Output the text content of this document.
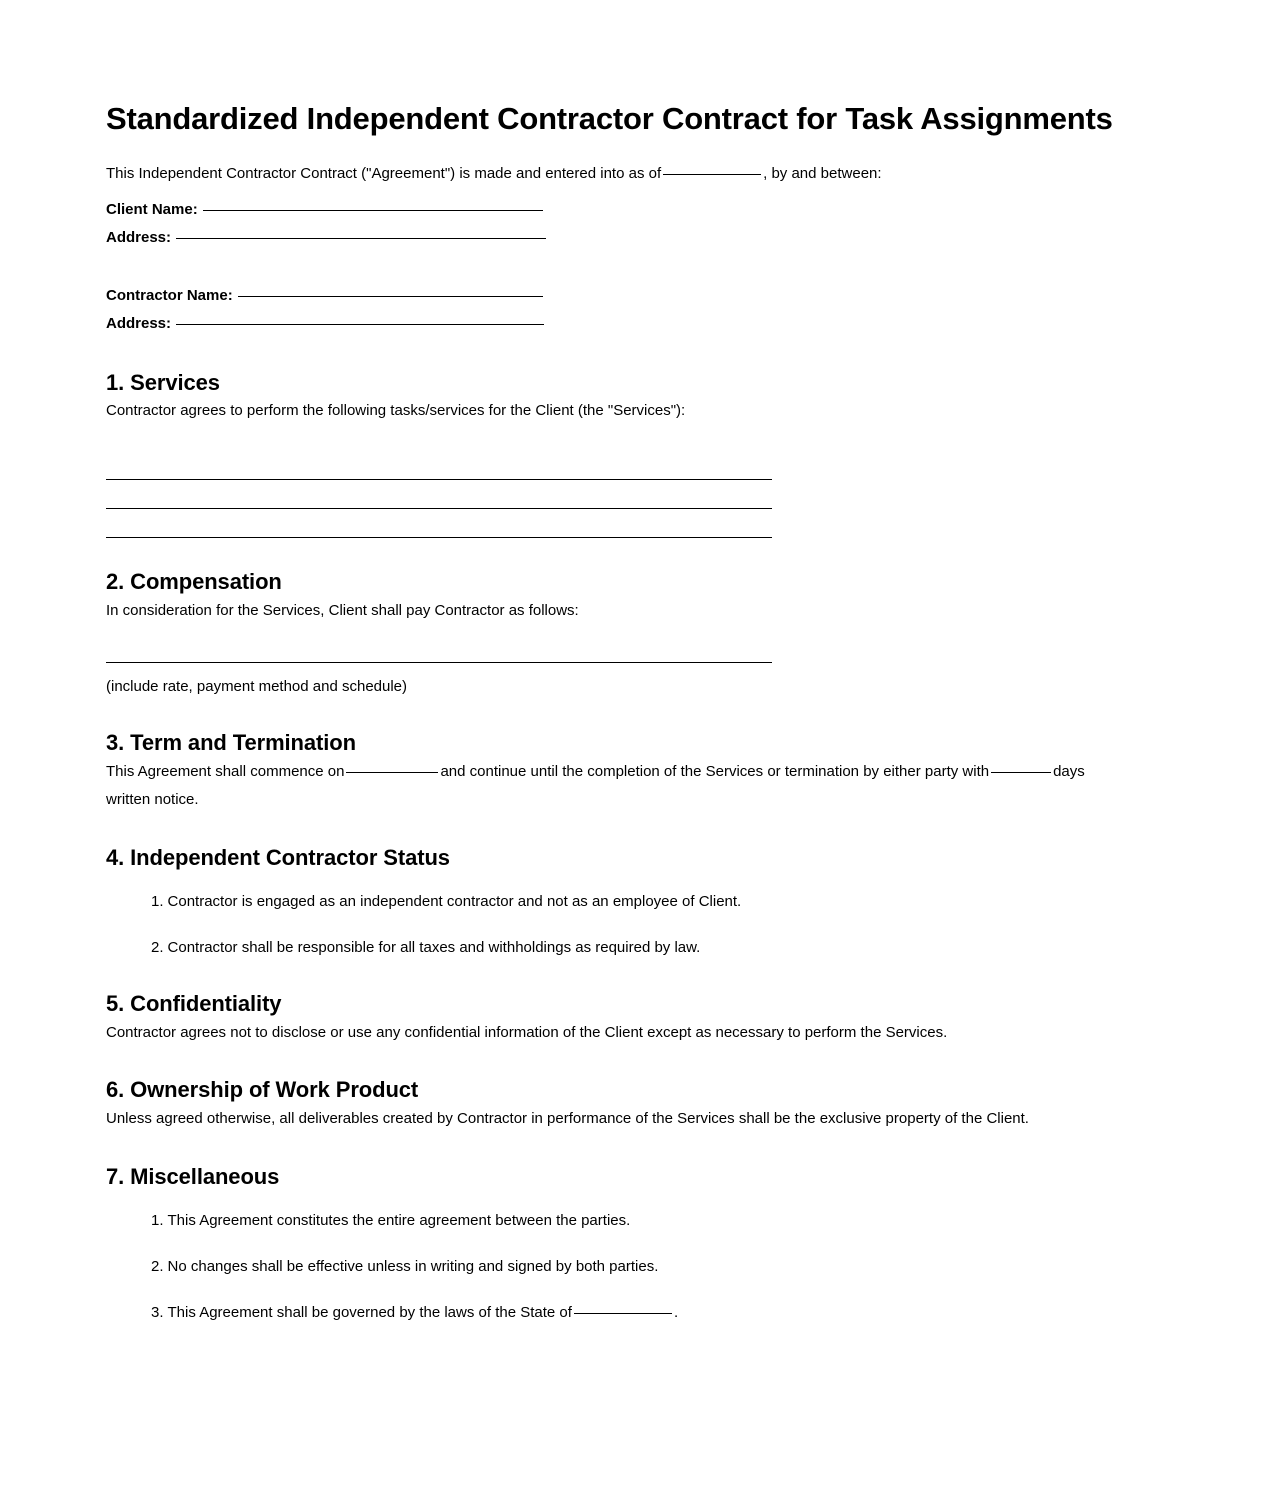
Standardized Independent Contractor Contract for Task Assignments

This Independent Contractor Contract ("Agreement") is made and entered into as of	, by and between:

Client Name:
Address:
Contractor Name:
Address:
1. Services

Contractor agrees to perform the following tasks/services for the Client (the "Services"):

2. Compensation

In consideration for the Services, Client shall pay Contractor as follows:

(include rate, payment method and schedule)

3. Term and Termination

This Agreement shall commence on	and continue until the completion of the Services or termination by either party with	days written notice.

4. Independent Contractor Status
1. Contractor is engaged as an independent contractor and not as an employee of Client.
2. Contractor shall be responsible for all taxes and withholdings as required by law.
5. Confidentiality

Contractor agrees not to disclose or use any confidential information of the Client except as necessary to perform the Services.

6. Ownership of Work Product

Unless agreed otherwise, all deliverables created by Contractor in performance of the Services shall be the exclusive property of the Client.

7. Miscellaneous
1. This Agreement constitutes the entire agreement between the parties.
2. No changes shall be effective unless in writing and signed by both parties.
3. This Agreement shall be governed by the laws of the State of	.
